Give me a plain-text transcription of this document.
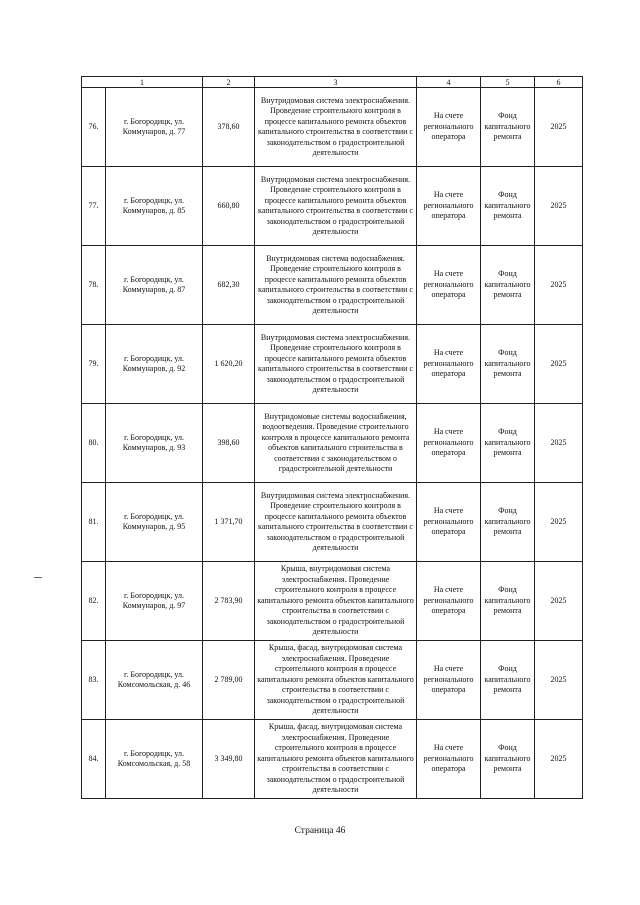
1		2	3	4	5	6
76.	г. Богородицк, ул. Коммунаров, д. 77	378,60	Внутридомовая система электроснабжения. Проведение строительного контроля в процессе капитального ремонта объектов капитального строительства в соответствии с законодательством о градостроительной деятельности	На счете регионального оператора	Фонд капитального ремонта	2025
77.	г. Богородицк, ул. Коммунаров, д. 85	660,80	Внутридомовая система электроснабжения. Проведение строительного контроля в процессе капитального ремонта объектов капитального строительства в соответствии с законодательством о градостроительной деятельности	На счете регионального оператора	Фонд капитального ремонта	2025
78.	г. Богородицк, ул. Коммунаров, д. 87	682,30	Внутридомовая система водоснабжения. Проведение строительного контроля в процессе капитального ремонта объектов капитального строительства в соответствии с законодательством о градостроительной деятельности	На счете регионального оператора	Фонд капитального ремонта	2025
79.	г. Богородицк, ул. Коммунаров, д. 92	1 620,20	Внутридомовая система электроснабжения. Проведение строительного контроля в процессе капитального ремонта объектов капитального строительства в соответствии с законодательством о градостроительной деятельности	На счете регионального оператора	Фонд капитального ремонта	2025
80.	г. Богородицк, ул. Коммунаров, д. 93	398,60	Внутридомовые системы водоснабжения, водоотведения. Проведение строительного контроля в процессе капитального ремонта объектов капитального строительства в соответствии с законодательством о градостроительной деятельности	На счете регионального оператора	Фонд капитального ремонта	2025
81.	г. Богородицк, ул. Коммунаров, д. 95	1 371,70	Внутридомовая система электроснабжения. Проведение строительного контроля в процессе капитального ремонта объектов капитального строительства в соответствии с законодательством о градостроительной деятельности	На счете регионального оператора	Фонд капитального ремонта	2025
82.	г. Богородицк, ул. Коммунаров, д. 97	2 783,90	Крыша, внутридомовая система электроснабжения. Проведение строительного контроля в процессе капитального ремонта объектов капитального строительства в соответствии с законодательством о градостроительной деятельности	На счете регионального оператора	Фонд капитального ремонта	2025
83.	г. Богородицк, ул. Комсомольская, д. 46	2 789,00	Крыша, фасад, внутридомовая система электроснабжения. Проведение строительного контроля в процессе капитального ремонта объектов капитального строительства в соответствии с законодательством о градостроительной деятельности	На счете регионального оператора	Фонд капитального ремонта	2025
84.	г. Богородицк, ул. Комсомольская, д. 58	3 349,80	Крыша, фасад, внутридомовая система электроснабжения. Проведение строительного контроля в процессе капитального ремонта объектов капитального строительства в соответствии с законодательством о градостроительной деятельности	На счете регионального оператора	Фонд капитального ремонта	2025
Страница 46
